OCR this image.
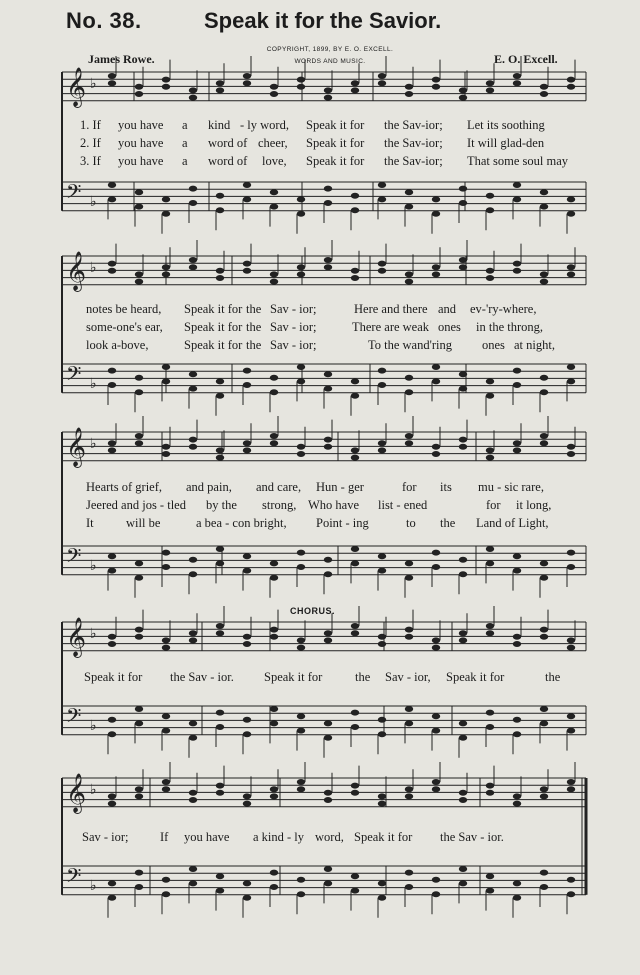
No. 38.	Speak it for the Savior.
COPYRIGHT, 1899, BY E. O. EXCELL.
WORDS AND MUSIC.
James Rowe.	E. O. Excell.
𝄞 ♭
𝄢 ♭
𝄞 ♭
𝄢 ♭
𝄞 ♭
𝄢 ♭
𝄞 ♭
𝄢 ♭
𝄞 ♭
𝄢 ♭
CHORUS.
1. If you have a kind - ly word, Speak it for the Sav-ior; Let its soothing
2. If you have a word of cheer, Speak it for the Sav-ior; It will glad-den
3. If you have a word of love, Speak it for the Sav-ior; That some soul may
notes be heard, Speak it for the Sav - ior;	Here and there and ev-'ry-where,
some-one's ear, Speak it for the Sav - ior;	There are weak ones in the throng,
look a-bove,	Speak it for the Sav - ior;	To the wand'ring ones at night,
Hearts of grief, and pain, and care, Hun - ger	for its mu - sic rare,
Jeered and jos - tled by the strong, Who have list - ened	for it long,
It	will be	a bea - con bright, Point - ing	to the Land of Light,
Speak it for the Sav - ior. Speak it for	the Sav - ior, Speak it for	the
Sav - ior;	If you have a kind - ly word, Speak it for the Sav - ior.
